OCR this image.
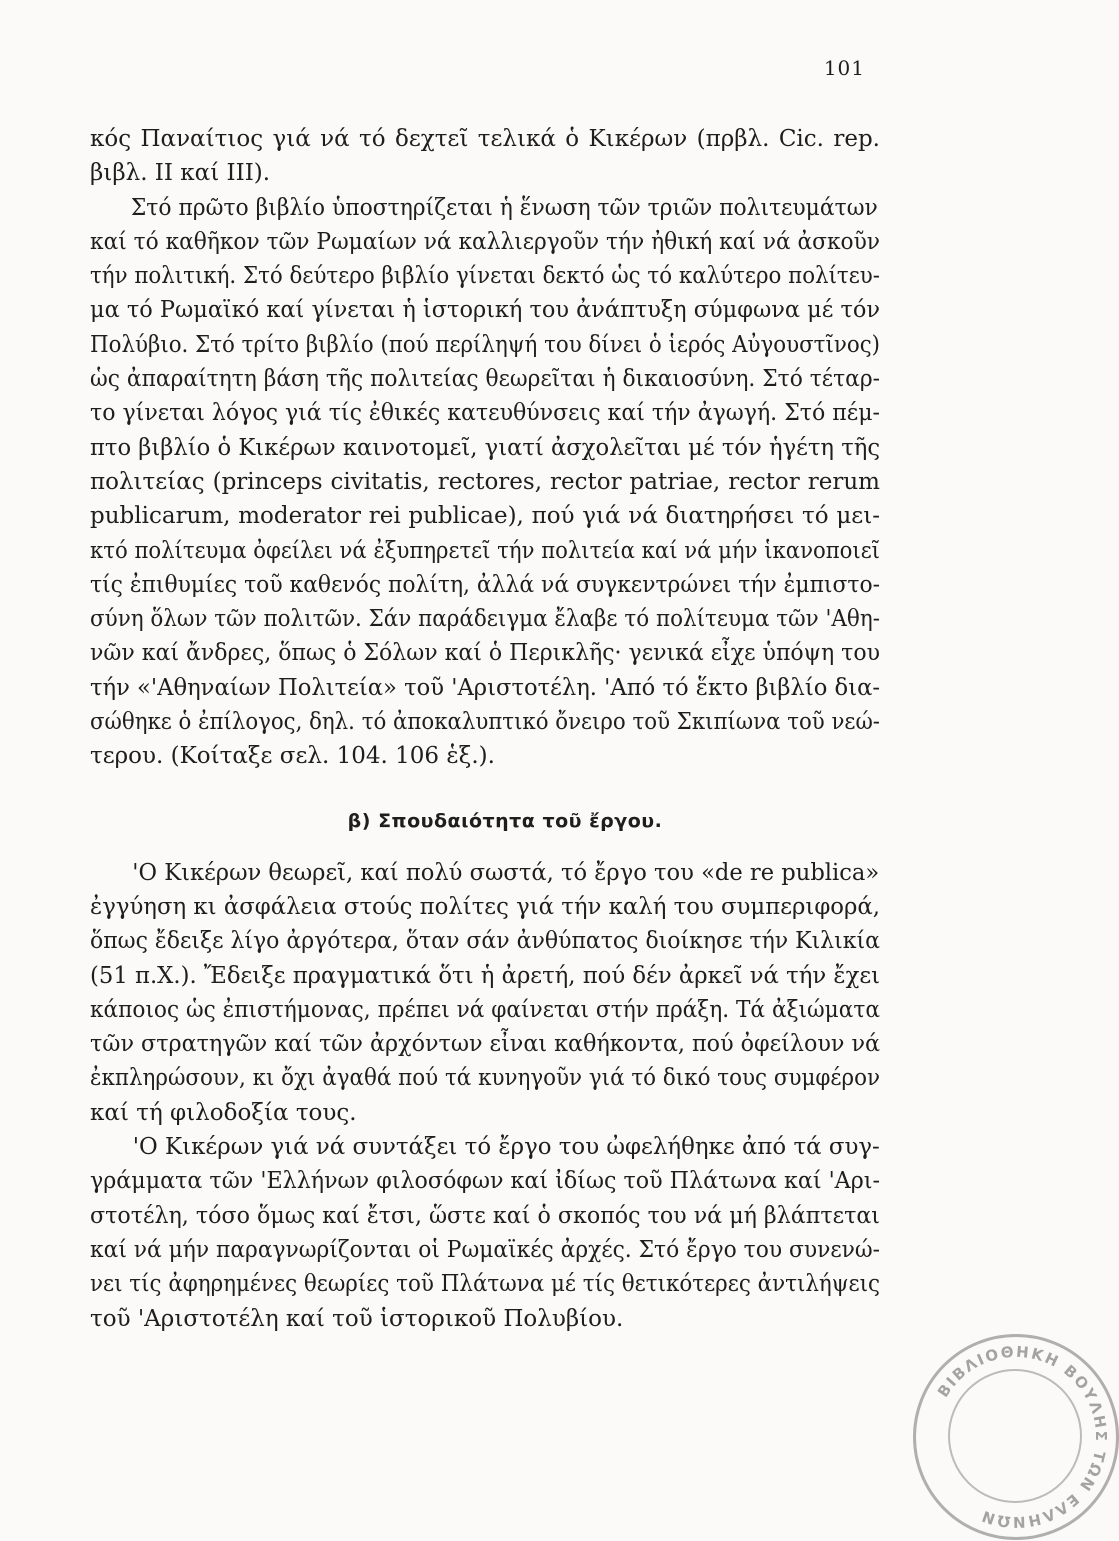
101
κός Παναίτιος γιά νά τό δεχτεῖ τελικά ὁ Κικέρων (πρβλ. Cic. rep.
βιβλ. II καί III).
Στό πρῶτο βιβλίο ὑποστηρίζεται ἡ ἕνωση τῶν τριῶν πολιτευμάτων
καί τό καθῆκον τῶν Ρωμαίων νά καλλιεργοῦν τήν ἠθική καί νά ἀσκοῦν
τήν πολιτική. Στό δεύτερο βιβλίο γίνεται δεκτό ὡς τό καλύτερο πολίτευ-
μα τό Ρωμαϊκό καί γίνεται ἡ ἱστορική του ἀνάπτυξη σύμφωνα μέ τόν
Πολύβιο. Στό τρίτο βιβλίο (πού περίληψή του δίνει ὁ ἱερός Αὐγουστῖνος)
ὡς ἀπαραίτητη βάση τῆς πολιτείας θεωρεῖται ἡ δικαιοσύνη. Στό τέταρ-
το γίνεται λόγος γιά τίς ἐθικές κατευθύνσεις καί τήν ἀγωγή. Στό πέμ-
πτο βιβλίο ὁ Κικέρων καινοτομεῖ, γιατί ἀσχολεῖται μέ τόν ἡγέτη τῆς
πολιτείας (princeps civitatis, rectores, rector patriae, rector rerum
publicarum, moderator rei publicae), πού γιά νά διατηρήσει τό μει-
κτό πολίτευμα ὀφείλει νά ἐξυπηρετεῖ τήν πολιτεία καί νά μήν ἱκανοποιεῖ
τίς ἐπιθυμίες τοῦ καθενός πολίτη, ἀλλά νά συγκεντρώνει τήν ἐμπιστο-
σύνη ὅλων τῶν πολιτῶν. Σάν παράδειγμα ἔλαβε τό πολίτευμα τῶν 'Αθη-
νῶν καί ἄνδρες, ὅπως ὁ Σόλων καί ὁ Περικλῆς· γενικά εἶχε ὑπόψη του
τήν «'Αθηναίων Πολιτεία» τοῦ 'Αριστοτέλη. 'Από τό ἕκτο βιβλίο δια-
σώθηκε ὁ ἐπίλογος, δηλ. τό ἀποκαλυπτικό ὄνειρο τοῦ Σκιπίωνα τοῦ νεώ-
τερου. (Κοίταξε σελ. 104. 106 ἑξ.).
β) Σπουδαιότητα τοῦ ἔργου.
'Ο Κικέρων θεωρεῖ, καί πολύ σωστά, τό ἔργο του «de re publica»
ἐγγύηση κι ἀσφάλεια στούς πολίτες γιά τήν καλή του συμπεριφορά,
ὅπως ἔδειξε λίγο ἀργότερα, ὅταν σάν ἀνθύπατος διοίκησε τήν Κιλικία
(51 π.Χ.). Ἔδειξε πραγματικά ὅτι ἡ ἀρετή, πού δέν ἀρκεῖ νά τήν ἔχει
κάποιος ὡς ἐπιστήμονας, πρέπει νά φαίνεται στήν πράξη. Τά ἀξιώματα
τῶν στρατηγῶν καί τῶν ἀρχόντων εἶναι καθήκοντα, πού ὀφείλουν νά
ἐκπληρώσουν, κι ὄχι ἀγαθά πού τά κυνηγοῦν γιά τό δικό τους συμφέρον
καί τή φιλοδοξία τους.
'Ο Κικέρων γιά νά συντάξει τό ἔργο του ὠφελήθηκε ἀπό τά συγ-
γράμματα τῶν 'Ελλήνων φιλοσόφων καί ἰδίως τοῦ Πλάτωνα καί 'Αρι-
στοτέλη, τόσο ὅμως καί ἔτσι, ὥστε καί ὁ σκοπός του νά μή βλάπτεται
καί νά μήν παραγνωρίζονται οἱ Ρωμαϊκές ἀρχές. Στό ἔργο του συνενώ-
νει τίς ἀφηρημένες θεωρίες τοῦ Πλάτωνα μέ τίς θετικότερες ἀντιλήψεις
τοῦ 'Αριστοτέλη καί τοῦ ἱστορικοῦ Πολυβίου.
ΒΙΒΛΙΟΘΗΚΗ ΒΟΥΛΗΣ ΤΩΝ ΕΛΛΗΝΩΝ
